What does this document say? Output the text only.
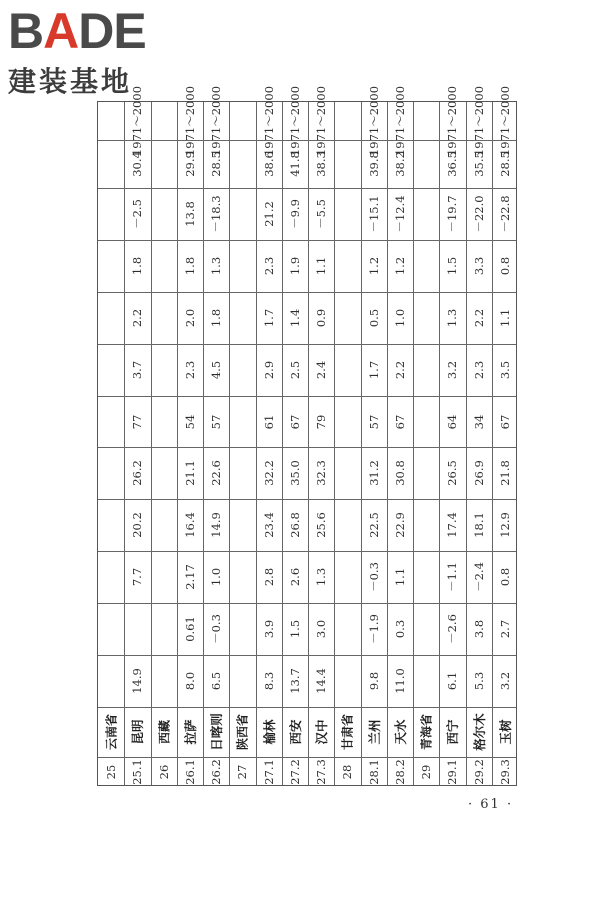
B A D E
建装基地
25
云南省
25.1
昆明
14.9
7.7
20.2
26.2
77
3.7
2.2
1.8
－2.5
30.4
1971～2000
26
西藏
26.1
拉萨
8.0
0.61
2.17
16.4
21.1
54
2.3
2.0
1.8
13.8
29.9
1971～2000
26.2
日喀则
6.5
－0.3
1.0
14.9
22.6
57
4.5
1.8
1.3
－18.3
28.5
1971～2000
27
陕西省
27.1
榆林
8.3
3.9
2.8
23.4
32.2
61
2.9
1.7
2.3
21.2
38.6
1971～2000
27.2
西安
13.7
1.5
2.6
26.8
35.0
67
2.5
1.4
1.9
－9.9
41.8
1971～2000
27.3
汉中
14.4
3.0
1.3
25.6
32.3
79
2.4
0.9
1.1
－5.5
38.3
1971～2000
28
甘肃省
28.1
兰州
9.8
－1.9
－0.3
22.5
31.2
57
1.7
0.5
1.2
－15.1
39.8
1971～2000
28.2
天水
11.0
0.3
1.1
22.9
30.8
67
2.2
1.0
1.2
－12.4
38.2
1971～2000
29
青海省
29.1
西宁
6.1
－2.6
－1.1
17.4
26.5
64
3.2
1.3
1.5
－19.7
36.5
1971～2000
29.2
格尔木
5.3
3.8
－2.4
18.1
26.9
34
2.3
2.2
3.3
－22.0
35.5
1971～2000
29.3
玉树
3.2
2.7
0.8
12.9
21.8
67
3.5
1.1
0.8
－22.8
28.5
1971～2000
· 61 ·
